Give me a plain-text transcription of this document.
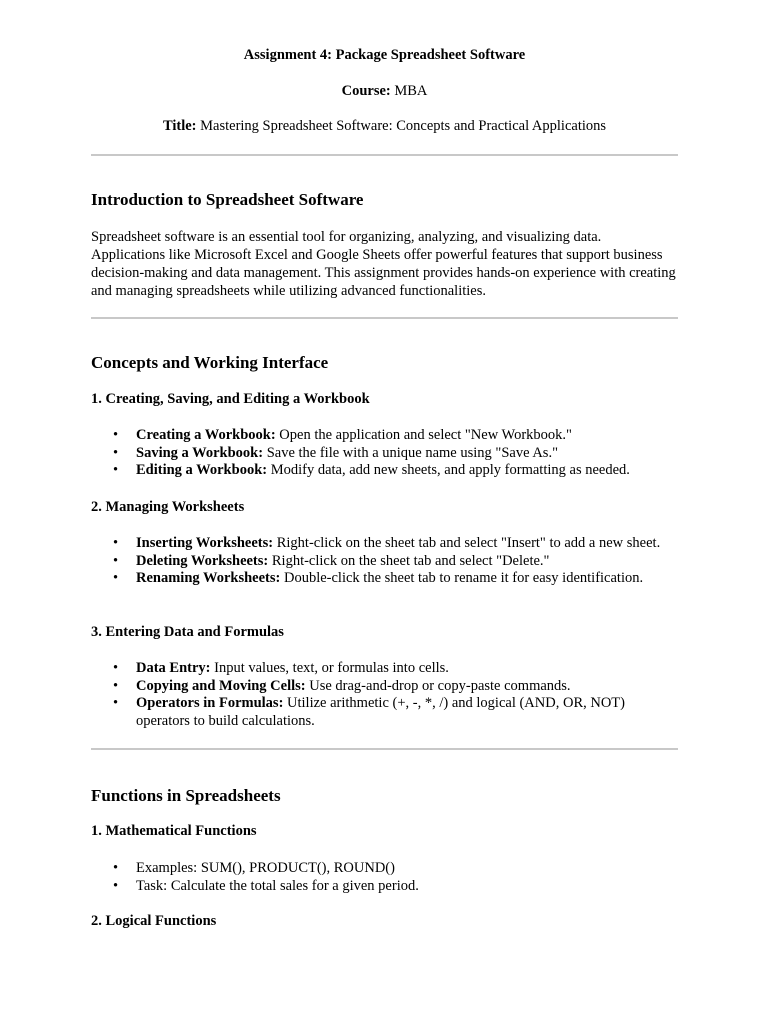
Assignment 4: Package Spreadsheet Software
Course: MBA
Title: Mastering Spreadsheet Software: Concepts and Practical Applications
Introduction to Spreadsheet Software

Spreadsheet software is an essential tool for organizing, analyzing, and visualizing data. Applications like Microsoft Excel and Google Sheets offer powerful features that support business decision-making and data management. This assignment provides hands-on experience with creating and managing spreadsheets while utilizing advanced functionalities.

Concepts and Working Interface
1. Creating, Saving, and Editing a Workbook
• Creating a Workbook: Open the application and select "New Workbook."
• Saving a Workbook: Save the file with a unique name using "Save As."
• Editing a Workbook: Modify data, add new sheets, and apply formatting as needed.
2. Managing Worksheets
• Inserting Worksheets: Right-click on the sheet tab and select "Insert" to add a new sheet.
• Deleting Worksheets: Right-click on the sheet tab and select "Delete."
• Renaming Worksheets: Double-click the sheet tab to rename it for easy identification.
3. Entering Data and Formulas
• Data Entry: Input values, text, or formulas into cells.
• Copying and Moving Cells: Use drag-and-drop or copy-paste commands.
• Operators in Formulas: Utilize arithmetic (+, -, *, /) and logical (AND, OR, NOT) operators to build calculations.
Functions in Spreadsheets
1. Mathematical Functions
• Examples: SUM(), PRODUCT(), ROUND()
• Task: Calculate the total sales for a given period.
2. Logical Functions
